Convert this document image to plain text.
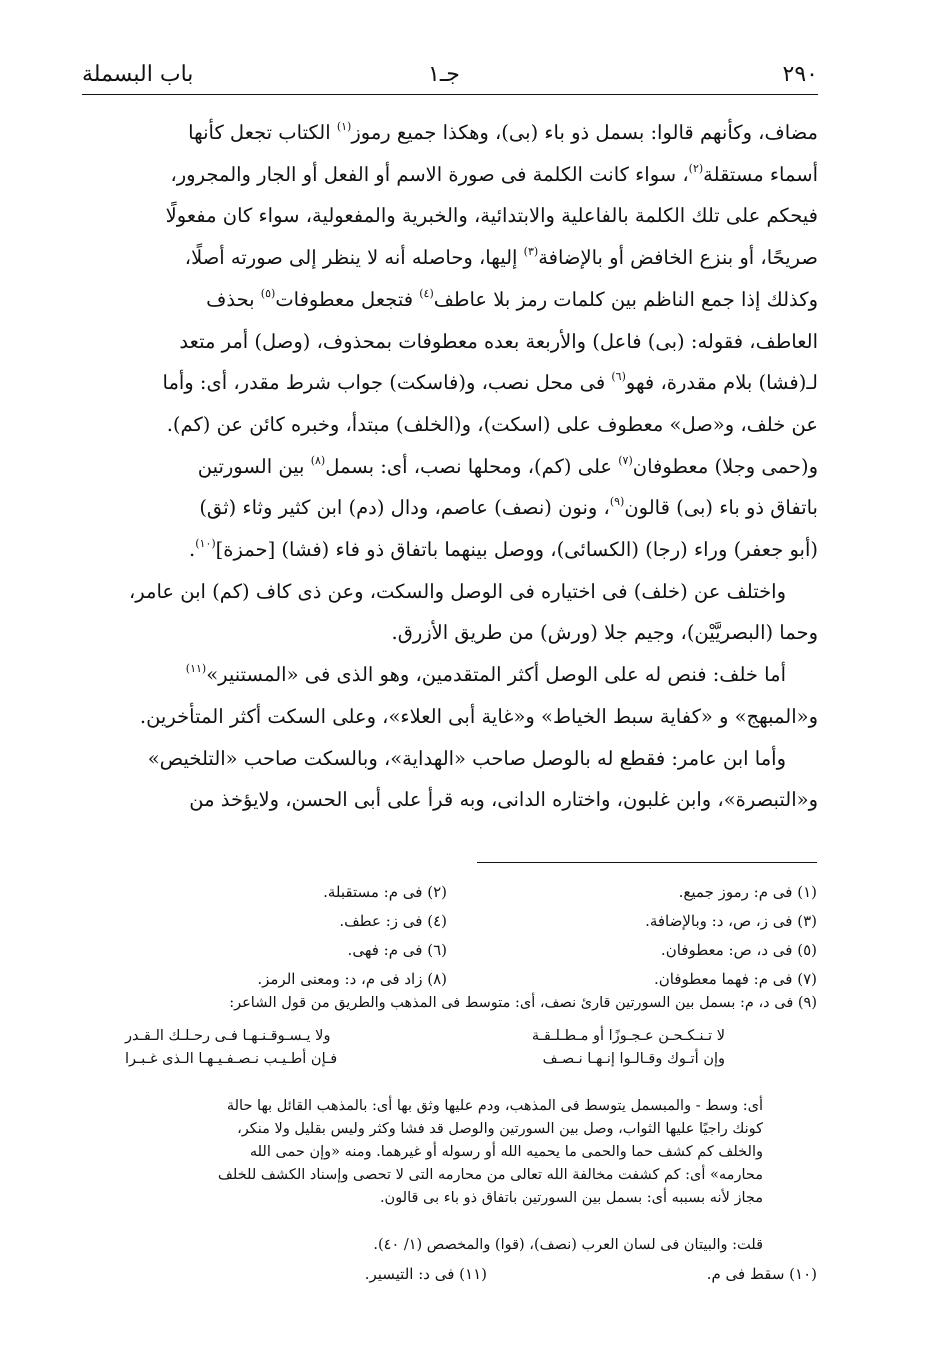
٢٩٠
جـ١
باب البسملة
مضاف، وكأنهم قالوا: بسمل ذو باء (بى)، وهكذا جميع رموز$^{(١)}$ الكتاب تجعل كأنها
أسماء مستقلة$^{(٢)}$، سواء كانت الكلمة فى صورة الاسم أو الفعل أو الجار والمجرور،
فيحكم على تلك الكلمة بالفاعلية والابتدائية، والخبرية والمفعولية، سواء كان مفعولًا
صريحًا، أو بنزع الخافض أو بالإضافة$^{(٣)}$ إليها، وحاصله أنه لا ينظر إلى صورته أصلًا،
وكذلك إذا جمع الناظم بين كلمات رمز بلا عاطف$^{(٤)}$ فتجعل معطوفات$^{(٥)}$ بحذف
العاطف، فقوله: (بى) فاعل) والأربعة بعده معطوفات بمحذوف، (وصل) أمر متعد
لـ(فشا) بلام مقدرة، فهو$^{(٦)}$ فى محل نصب، و(فاسكت) جواب شرط مقدر، أى: وأما
عن خلف، و«صل» معطوف على (اسكت)، و(الخلف) مبتدأ، وخبره كائن عن (كم).
و(حمى وجلا) معطوفان$^{(٧)}$ على (كم)، ومحلها نصب، أى: بسمل$^{(٨)}$ بين السورتين
باتفاق ذو باء (بى) قالون$^{(٩)}$، ونون (نصف) عاصم، ودال (دم) ابن كثير وثاء (ثق)
(أبو جعفر) وراء (رجا) (الكسائى)، ووصل بينهما باتفاق ذو فاء (فشا) [حمزة]$^{(١٠)}$.
واختلف عن (خلف) فى اختياره فى الوصل والسكت، وعن ذى كاف (كم) ابن عامر،
وحما (البصريَّيْن)، وجيم جلا (ورش) من طريق الأزرق.
أما خلف: فنص له على الوصل أكثر المتقدمين، وهو الذى فى «المستنير»$^{(١١)}$
و«المبهج» و «كفاية سبط الخياط» و«غاية أبى العلاء»، وعلى السكت أكثر المتأخرين.
وأما ابن عامر: فقطع له بالوصل صاحب «الهداية»، وبالسكت صاحب «التلخيص»
و«التبصرة»، وابن غلبون، واختاره الدانى، وبه قرأ على أبى الحسن، ولايؤخذ من
(١) فى م: رموز جميع.
(٢) فى م: مستقبلة.
(٣) فى ز، ص، د: وبالإضافة.
(٤) فى ز: عطف.
(٥) فى د، ص: معطوفان.
(٦) فى م: فهى.
(٧) فى م: فهما معطوفان.
(٨) زاد فى م، د: ومعنى الرمز.
(٩) فى د، م: بسمل بين السورتين قارئ نصف، أى: متوسط فى المذهب والطريق من قول الشاعر:
لا تـنـكـحـن عـجـوزًا أو مـطـلـقـة
ولا يـسـوقـنـهـا فـى رحـلـك الـقـدر
وإن أتـوك وقـالـوا إنـهـا نـصـف
فـإن أطـيـب نـصـفـيـهـا الـذى غـبـرا
أى: وسط - والمبسمل يتوسط فى المذهب، ودم عليها وثق بها أى: بالمذهب القائل بها حالة
كونك راجيًا عليها الثواب، وصل بين السورتين والوصل قد فشا وكثر وليس بقليل ولا منكر،
والخلف كم كشف حما والحمى ما يحميه الله أو رسوله أو غيرهما. ومنه «وإن حمى الله
محارمه» أى: كم كشفت مخالفة الله تعالى من محارمه التى لا تحصى وإسناد الكشف للخلف
مجاز لأنه بسببه أى: بسمل بين السورتين باتفاق ذو باء بى قالون.
قلت: والبيتان فى لسان العرب (نصف)، (قوا) والمخصص (١/ ٤٠).
(١٠) سقط فى م.
(١١) فى د: التيسير.
